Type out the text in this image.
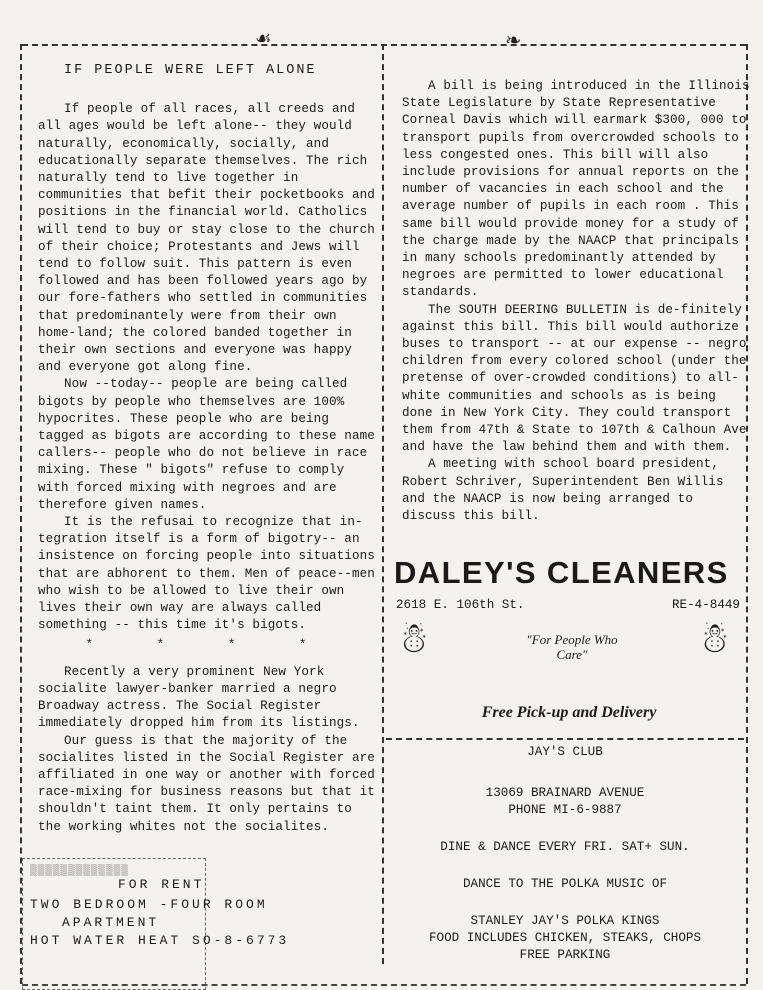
☙	❧

IF PEOPLE WERE LEFT ALONE

If people of all races, all creeds and all ages would be left alone-- they would naturally, economically, socially, and educationally separate themselves. The rich naturally tend to live together in communities that befit their pocketbooks and positions in the financial world. Catholics will tend to buy or stay close to the church of their choice; Protestants and Jews will tend to follow suit. This pattern is even followed and has been followed years ago by our fore-fathers who settled in communities that predominantely were from their own home-land; the colored banded together in their own sections and everyone was happy and everyone got along fine.

Now --today-- people are being called bigots by people who themselves are 100% hypocrites. These people who are being tagged as bigots are according to these name callers-- people who do not believe in race mixing. These " bigots" refuse to comply with forced mixing with negroes and are therefore given names.

It is the refusai to recognize that in-tegration itself is a form of bigotry-- an insistence on forcing people into situations that are abhorent to them. Men of peace--men who wish to be allowed to live their own lives their own way are always called something -- this time it's bigots.

* * * *

Recently a very prominent New York socialite lawyer-banker married a negro Broadway actress. The Social Register immediately dropped him from its listings.

Our guess is that the majority of the socialites listed in the Social Register are affiliated in one way or another with forced race-mixing for business reasons but that it shouldn't taint them. It only pertains to the working whites not the socialites.

A bill is being introduced in the Illinois State Legislature by State Representative Corneal Davis which will earmark $300, 000 to transport pupils from overcrowded schools to less congested ones. This bill will also include provisions for annual reports on the number of vacancies in each school and the average number of pupils in each room . This same bill would provide money for a study of the charge made by the NAACP that principals in many schools predominantly attended by negroes are permitted to lower educational standards.

The SOUTH DEERING BULLETIN is de-finitely against this bill. This bill would authorize buses to transport -- at our expense -- negro children from every colored school (under the pretense of over-crowded conditions) to all-white communities and schools as is being done in New York City. They could transport them from 47th & State to 107th & Calhoun Ave and have the law behind them and with them.

A meeting with school board president, Robert Schriver, Superintendent Ben Willis and the NAACP is now being arranged to discuss this bill.

DALEY'S CLEANERS
2618 E. 106th St.	RE-4-8449
☃	"For People Who Care"	☃
Free Pick-up and Delivery

JAY'S CLUB

13069 BRAINARD AVENUE

PHONE MI-6-9887

DINE & DANCE EVERY FRI. SAT+ SUN.

DANCE TO THE POLKA MUSIC OF

STANLEY JAY'S POLKA KINGS

FOOD INCLUDES CHICKEN, STEAKS, CHOPS

FREE PARKING

▒▒▒▒▒▒▒▒▒▒▒▒▒

FOR RENT

TWO BEDROOM -FOUR ROOM

APARTMENT

HOT WATER HEAT SO-8-6773
